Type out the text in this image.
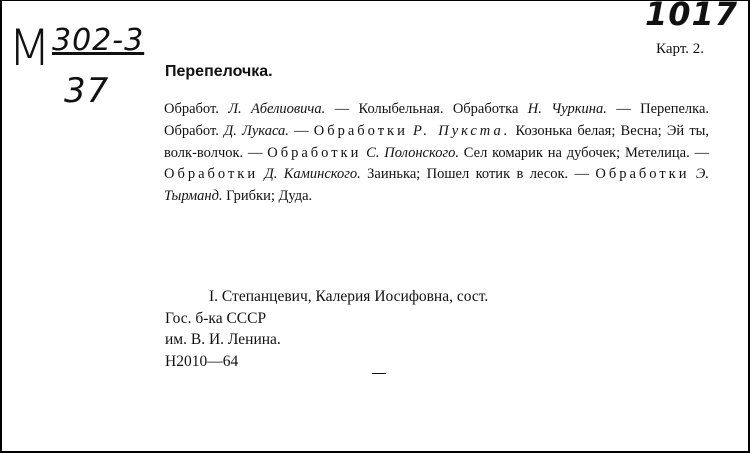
M 302-3
37
1017
Карт. 2.
Перепелочка.
Обработ. Л. Абелиовича. — Колыбельная. Обработка Н. Чуркина. — Перепелка. Обработ. Д. Лукаса. — Обработки Р. Пукста. Козонька белая; Весна; Эй ты, волк-волчок. — Обработки С. Полонского. Сел комарик на дубочек; Метелица. — Обработки Д. Каминского. Заинька; Пошел котик в лесок. — Обработки Э. Тырманд. Грибки; Дуда.
I. Степанцевич, Калерия Иосифовна, сост.
Гос. б-ка СССР
им. В. И. Ленина.
Н2010—64
